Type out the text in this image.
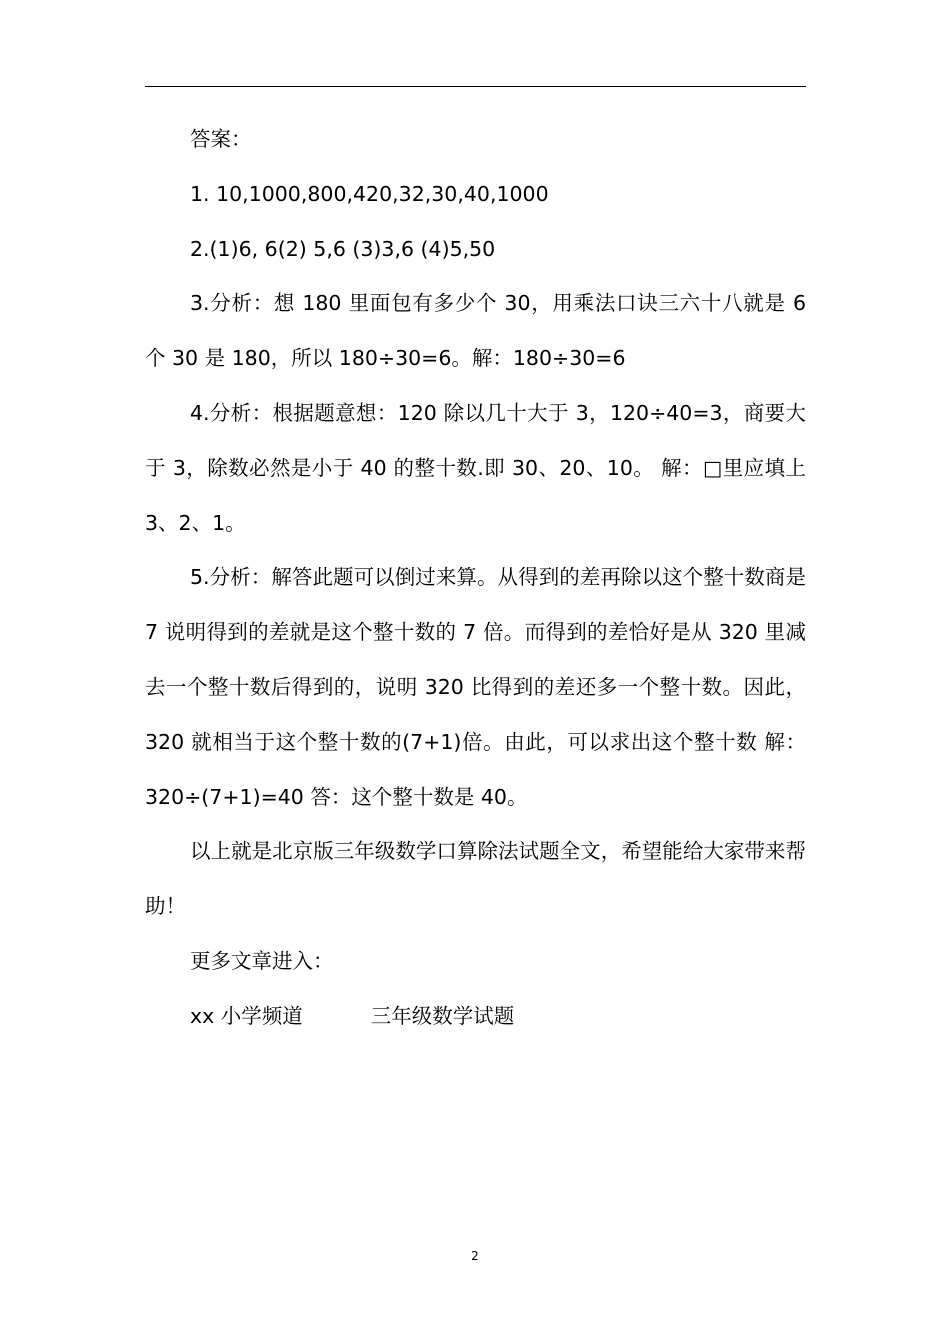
答案：

1. 10,1000,800,420,32,30,40,1000

2.(1)6, 6(2) 5,6 (3)3,6 (4)5,50

3.分析：想 180 里面包有多少个 30，用乘法口诀三六十八就是 6 个 30 是 180，所以 180÷30=6。解：180÷30=6

4.分析：根据题意想：120 除以几十大于 3，120÷40=3，商要大于 3，除数必然是小于 40 的整十数.即 30、20、10。 解：□里应填上 3、2、1。

5.分析：解答此题可以倒过来算。从得到的差再除以这个整十数商是 7 说明得到的差就是这个整十数的 7 倍。而得到的差恰好是从 320 里减去一个整十数后得到的，说明 320 比得到的差还多一个整十数。因此，320 就相当于这个整十数的(7+1)倍。由此，可以求出这个整十数 解：320÷(7+1)=40 答：这个整十数是 40。

以上就是北京版三年级数学口算除法试题全文，希望能给大家带来帮助！

更多文章进入：

xx 小学频道	三年级数学试题
2
